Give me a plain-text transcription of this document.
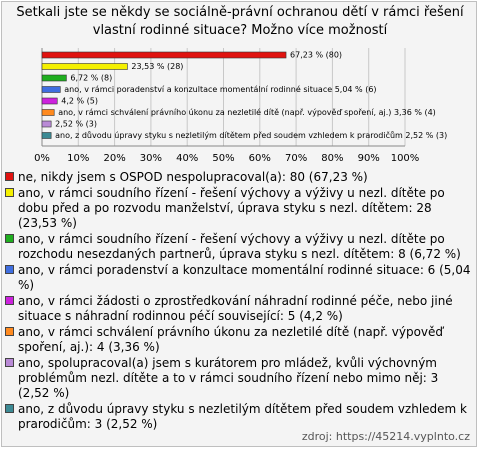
Setkali jste se někdy se sociálně-právní ochranou dětí v rámci řešení
vlastní rodinné situace? Možno více možností
0% 10% 20% 30% 40% 50% 60% 70% 80% 90% 100%
67,23 % (80)
23,53 % (28)
6,72 % (8)
ano, v rámci poradenství a konzultace momentální rodinné situace 5,04 % (6)
4,2 % (5)
ano, v rámci schválení právního úkonu za nezletilé dítě (např. výpověď spoření, aj.) 3,36 % (4)
2,52 % (3)
ano, z důvodu úpravy styku s nezletilým dítětem před soudem vzhledem k prarodičům 2,52 % (3)
ne, nikdy jsem s OSPOD nespolupracoval(a): 80 (67,23 %)
ano, v rámci soudního řízení - řešení výchovy a výživy u nezl. dítěte po dobu před a po rozvodu manželství, úprava styku s nezl. dítětem: 28 (23,53 %)
ano, v rámci soudního řízení - řešení výchovy a výživy u nezl. dítěte po rozchodu nesezdaných partnerů, úprava styku s nezl. dítětem: 8 (6,72 %)
ano, v rámci poradenství a konzultace momentální rodinné situace: 6 (5,04 %)
ano, v rámci žádosti o zprostředkování náhradní rodinné péče, nebo jiné situace s náhradní rodinnou péčí související: 5 (4,2 %)
ano, v rámci schválení právního úkonu za nezletilé dítě (např. výpověď spoření, aj.): 4 (3,36 %)
ano, spolupracoval(a) jsem s kurátorem pro mládež, kvůli výchovným problémům nezl. dítěte a to v rámci soudního řízení nebo mimo něj: 3 (2,52 %)
ano, z důvodu úpravy styku s nezletilým dítětem před soudem vzhledem k prarodičům: 3 (2,52 %)
zdroj: https://45214.vyplnto.cz
